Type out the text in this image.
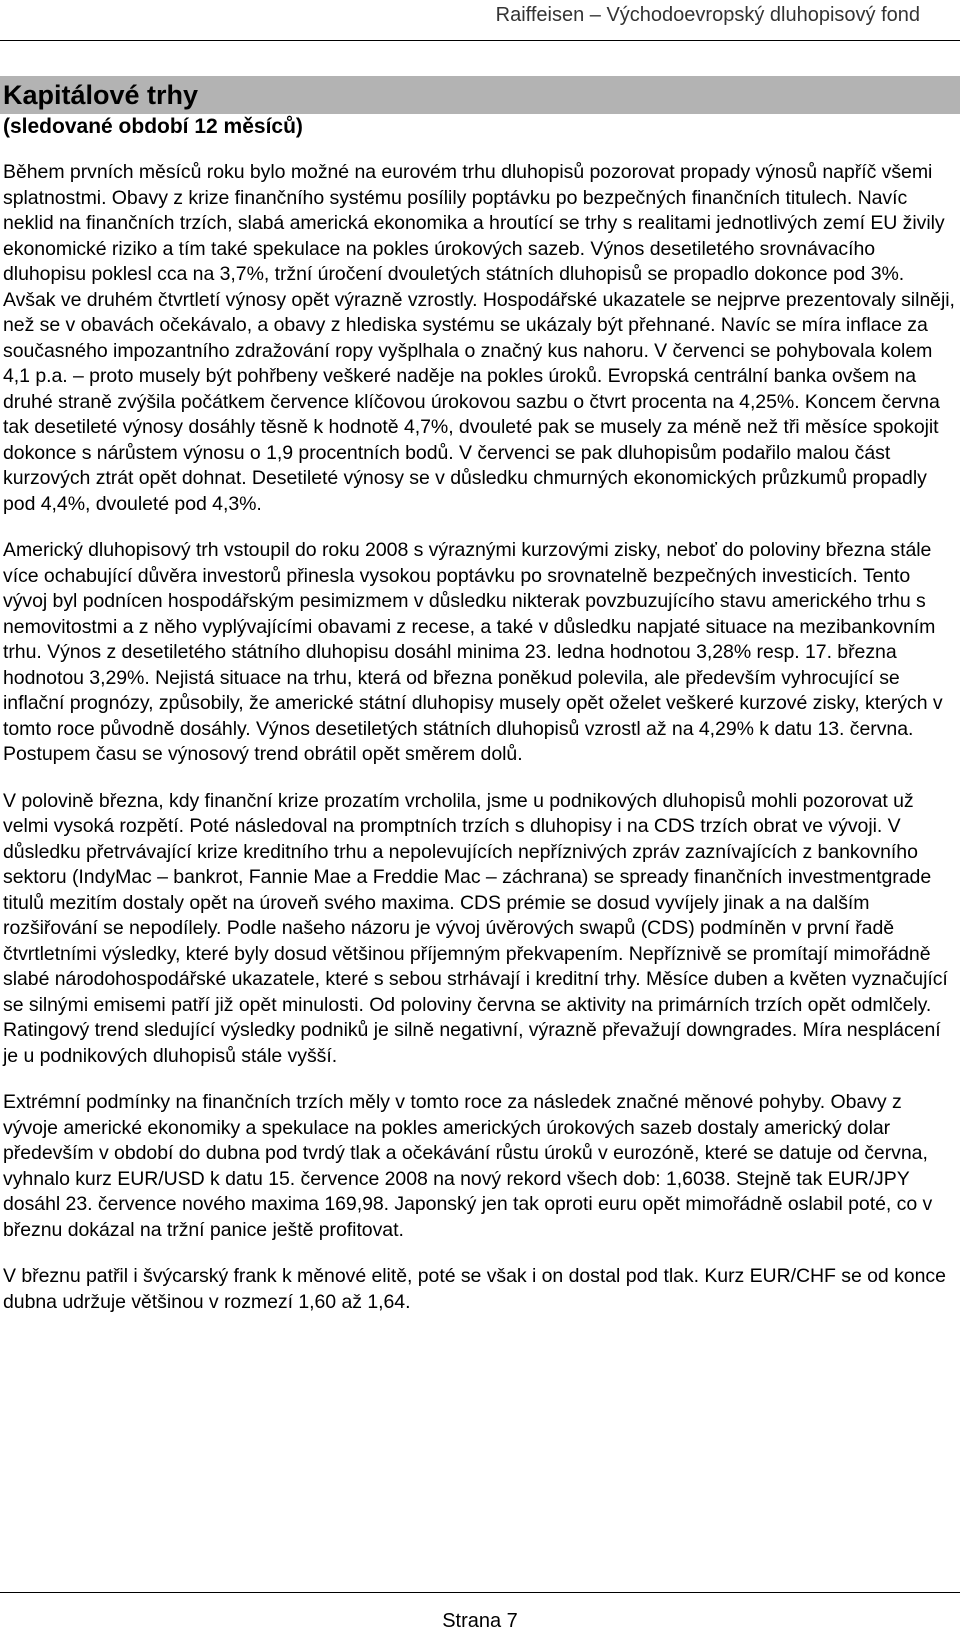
Raiffeisen – Východoevropský dluhopisový fond
Kapitálové trhy
(sledované období 12 měsíců)

Během prvních měsíců roku bylo možné na eurovém trhu dluhopisů pozorovat propady výnosů napříč všemi splatnostmi. Obavy z krize finančního systému posílily poptávku po bezpečných finančních titulech. Navíc neklid na finančních trzích, slabá americká ekonomika a hroutící se trhy s realitami jednotlivých zemí EU živily ekonomické riziko a tím také spekulace na pokles úrokových sazeb. Výnos desetiletého srovnávacího dluhopisu poklesl cca na 3,7%, tržní úročení dvouletých státních dluhopisů se propadlo dokonce pod 3%. Avšak ve druhém čtvrtletí výnosy opět výrazně vzrostly. Hospodářské ukazatele se nejprve prezentovaly silněji, než se v obavách očekávalo, a obavy z hlediska systému se ukázaly být přehnané. Navíc se míra inflace za současného impozantního zdražování ropy vyšplhala o značný kus nahoru. V červenci se pohybovala kolem 4,1 p.a. – proto musely být pohřbeny veškeré naděje na pokles úroků. Evropská centrální banka ovšem na druhé straně zvýšila počátkem července klíčovou úrokovou sazbu o čtvrt procenta na 4,25%. Koncem června tak desetileté výnosy dosáhly těsně k hodnotě 4,7%, dvouleté pak se musely za méně než tři měsíce spokojit dokonce s nárůstem výnosu o 1,9 procentních bodů. V červenci se pak dluhopisům podařilo malou část kurzových ztrát opět dohnat. Desetileté výnosy se v důsledku chmurných ekonomických průzkumů propadly pod 4,4%, dvouleté pod 4,3%.

Americký dluhopisový trh vstoupil do roku 2008 s výraznými kurzovými zisky, neboť do poloviny března stále více ochabující důvěra investorů přinesla vysokou poptávku po srovnatelně bezpečných investicích. Tento vývoj byl podnícen hospodářským pesimizmem v důsledku nikterak povzbuzujícího stavu amerického trhu s nemovitostmi a z něho vyplývajícími obavami z recese, a také v důsledku napjaté situace na mezibankovním trhu. Výnos z desetiletého státního dluhopisu dosáhl minima 23. ledna hodnotou 3,28% resp. 17. března hodnotou 3,29%. Nejistá situace na trhu, která od března poněkud polevila, ale především vyhrocující se inflační prognózy, způsobily, že americké státní dluhopisy musely opět oželet veškeré kurzové zisky, kterých v tomto roce původně dosáhly. Výnos desetiletých státních dluhopisů vzrostl až na 4,29% k datu 13. června. Postupem času se výnosový trend obrátil opět směrem dolů.

V polovině března, kdy finanční krize prozatím vrcholila, jsme u podnikových dluhopisů mohli pozorovat už velmi vysoká rozpětí. Poté následoval na promptních trzích s dluhopisy i na CDS trzích obrat ve vývoji. V důsledku přetrvávající krize kreditního trhu a nepolevujících nepříznivých zpráv zaznívajících z bankovního sektoru (IndyMac – bankrot, Fannie Mae a Freddie Mac – záchrana) se spready finančních investmentgrade titulů mezitím dostaly opět na úroveň svého maxima. CDS prémie se dosud vyvíjely jinak a na dalším rozšiřování se nepodílely. Podle našeho názoru je vývoj úvěrových swapů (CDS) podmíněn v první řadě čtvrtletními výsledky, které byly dosud většinou příjemným překvapením. Nepříznivě se promítají mimořádně slabé národohospodářské ukazatele, které s sebou strhávají i kreditní trhy. Měsíce duben a květen vyznačující se silnými emisemi patří již opět minulosti. Od poloviny června se aktivity na primárních trzích opět odmlčely. Ratingový trend sledující výsledky podniků je silně negativní, výrazně převažují downgrades. Míra nesplácení je u podnikových dluhopisů stále vyšší.

Extrémní podmínky na finančních trzích měly v tomto roce za následek značné měnové pohyby. Obavy z vývoje americké ekonomiky a spekulace na pokles amerických úrokových sazeb dostaly americký dolar především v období do dubna pod tvrdý tlak a očekávání růstu úroků v eurozóně, které se datuje od června, vyhnalo kurz EUR/USD k datu 15. července 2008 na nový rekord všech dob: 1,6038. Stejně tak EUR/JPY dosáhl 23. července nového maxima 169,98. Japonský jen tak oproti euru opět mimořádně oslabil poté, co v březnu dokázal na tržní panice ještě profitovat.

V březnu patřil i švýcarský frank k měnové elitě, poté se však i on dostal pod tlak. Kurz EUR/CHF se od konce dubna udržuje většinou v rozmezí 1,60 až 1,64.

Strana 7
